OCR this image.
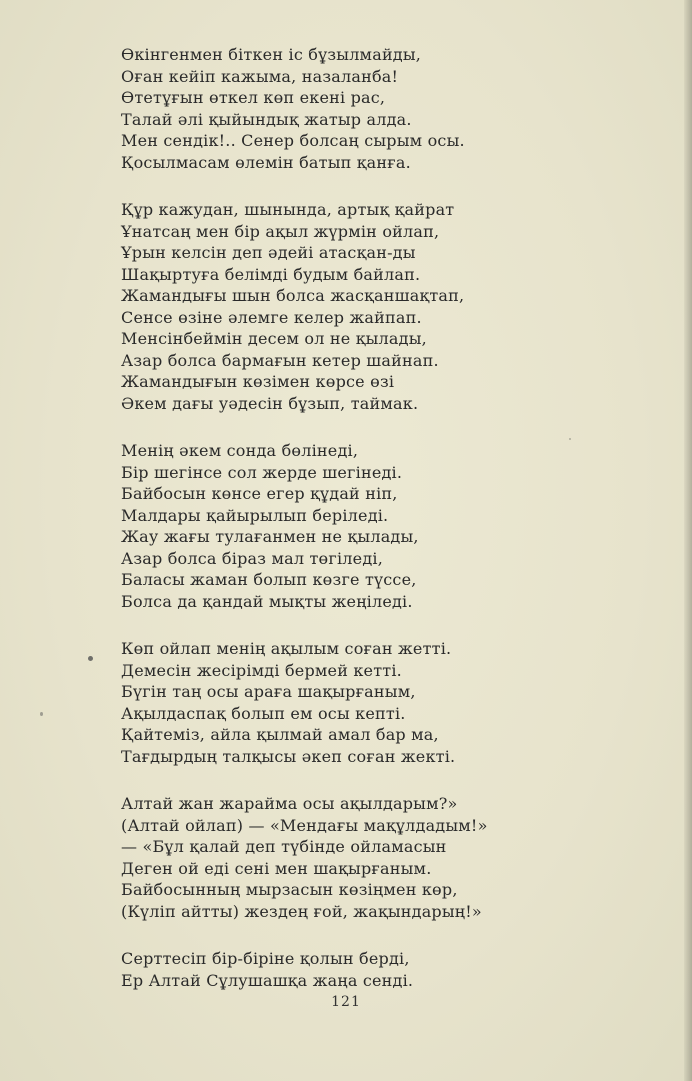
Өкінгенмен біткен іс бұзылмайды,
Оған кейіп кажыма, назаланба!
Өтетұғын өткел көп екені рас,
Талай әлі қыйындық жатыр алда.
Мен сендік!.. Сенер болсаң сырым осы.
Қосылмасам өлемін батып қанға.
Құр кажудан, шынында, артық қайрат
Ұнатсаң мен бір ақыл жүрмін ойлап,
Ұрын келсін деп әдейі атасқан-ды
Шақыртуға белімді будым байлап.
Жамандығы шын болса жасқаншақтап,
Сенсе өзіне әлемге келер жайпап.
Менсінбеймін десем ол не қылады,
Азар болса бармағын кетер шайнап.
Жамандығын көзімен көрсе өзі
Әкем дағы уәдесін бұзып, таймак.
Менің әкем сонда бөлінеді,
Бір шегінсе сол жерде шегінеді.
Байбосын көнсе егер құдай ніп,
Малдары қайырылып беріледі.
Жау жағы тулағанмен не қылады,
Азар болса біраз мал төгіледі,
Баласы жаман болып көзге түссе,
Болса да қандай мықты жеңіледі.
Көп ойлап менің ақылым соған жетті.
Демесін жесірімді бермей кетті.
Бүгін таң осы араға шақырғаным,
Ақылдаспақ болып ем осы кепті.
Қайтеміз, айла қылмай амал бар ма,
Тағдырдың талқысы әкеп соған жекті.
Алтай жан жарайма осы ақылдарым?»
(Алтай ойлап) — «Мендағы мақұлдадым!»
— «Бұл қалай деп түбінде ойламасын
Деген ой еді сені мен шақырғаным.
Байбосынның мырзасын көзіңмен көр,
(Күліп айтты) жездең ғой, жақындарың!»
Серттесіп бір-біріне қолын берді,
Ер Алтай Сұлушашқа жаңа сенді.
121
